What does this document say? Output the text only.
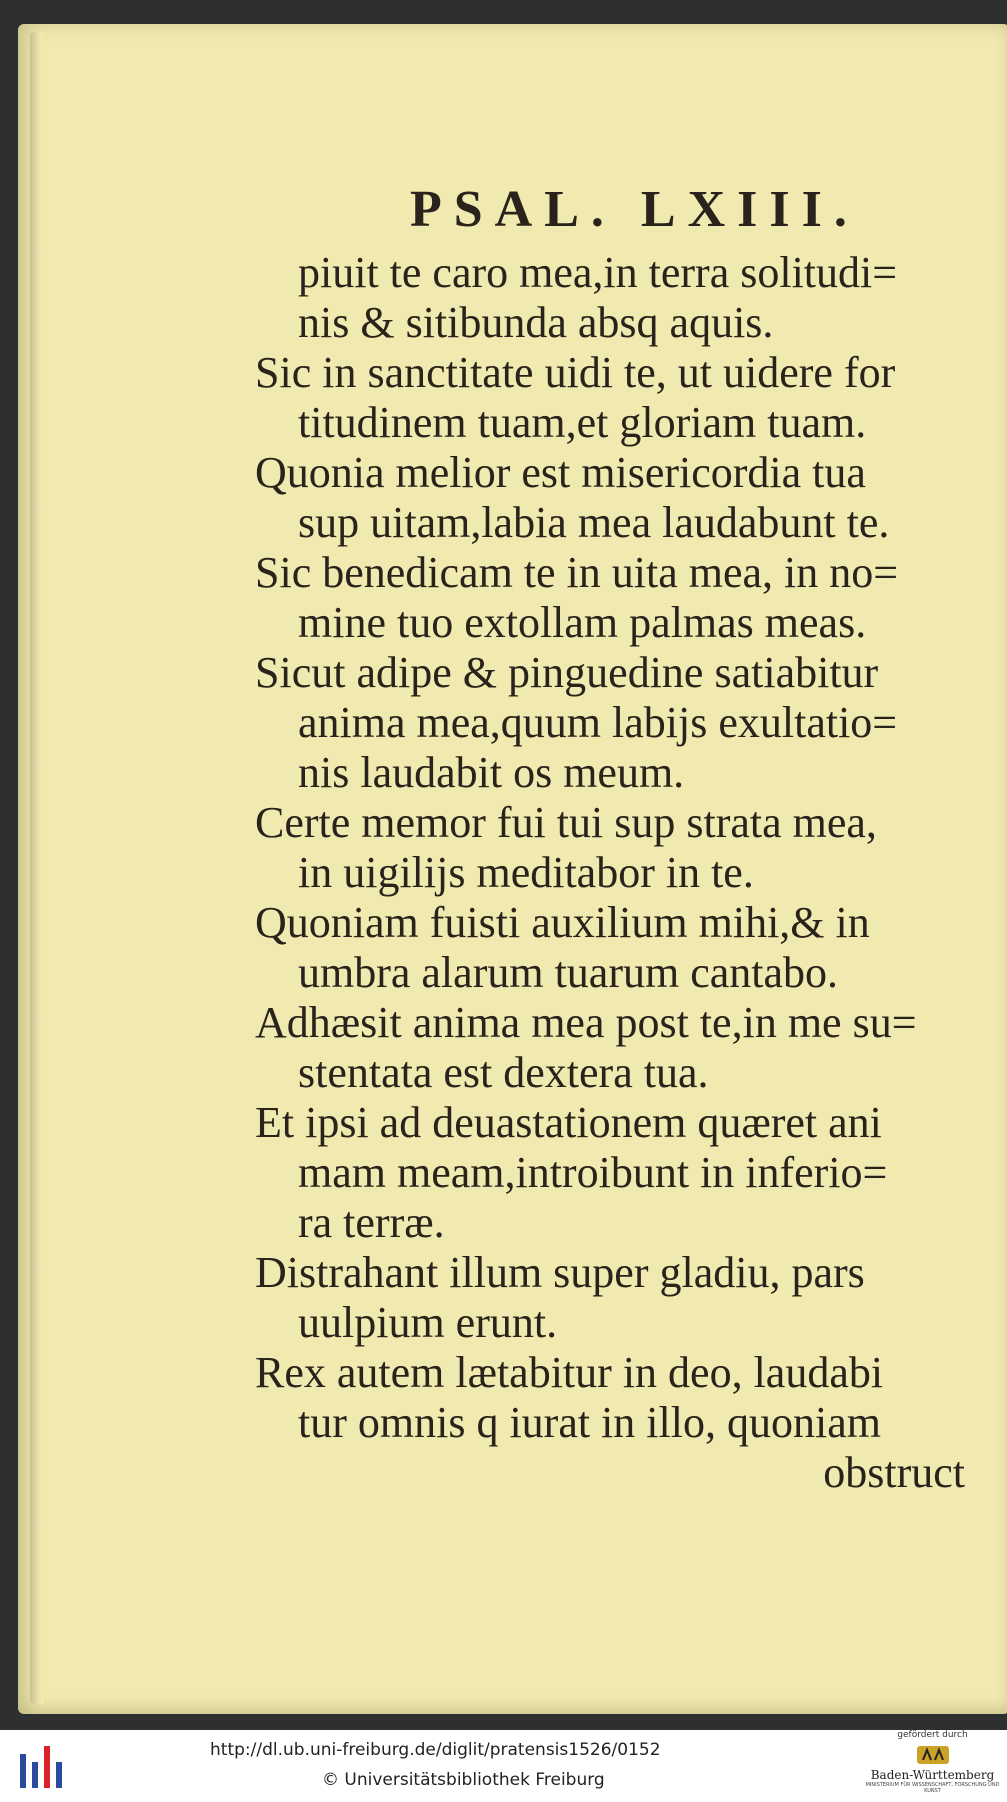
PSAL. LXIII.
piuit te caro mea,in terra solitudi=
nis & sitibunda absq aquis.
Sic in sanctitate uidi te, ut uidere for
titudinem tuam,et gloriam tuam.
Quonia melior est misericordia tua
sup uitam,labia mea laudabunt te.
Sic benedicam te in uita mea, in no=
mine tuo extollam palmas meas.
Sicut adipe & pinguedine satiabitur
anima mea,quum labijs exultatio=
nis laudabit os meum.
Certe memor fui tui sup strata mea,
in uigilijs meditabor in te.
Quoniam fuisti auxilium mihi,& in
umbra alarum tuarum cantabo.
Adhæsit anima mea post te,in me su=
stentata est dextera tua.
Et ipsi ad deuastationem quæret ani
mam meam,introibunt in inferio=
ra terræ.
Distrahant illum super gladiu, pars
uulpium erunt.
Rex autem lætabitur in deo, laudabi
tur omnis q iurat in illo, quoniam
obstruct
http://dl.ub.uni-freiburg.de/diglit/pratensis1526/0152
© Universitätsbibliothek Freiburg
gefördert durch
Baden-Württemberg
MINISTERIUM FÜR WISSENSCHAFT, FORSCHUNG UND KUNST
